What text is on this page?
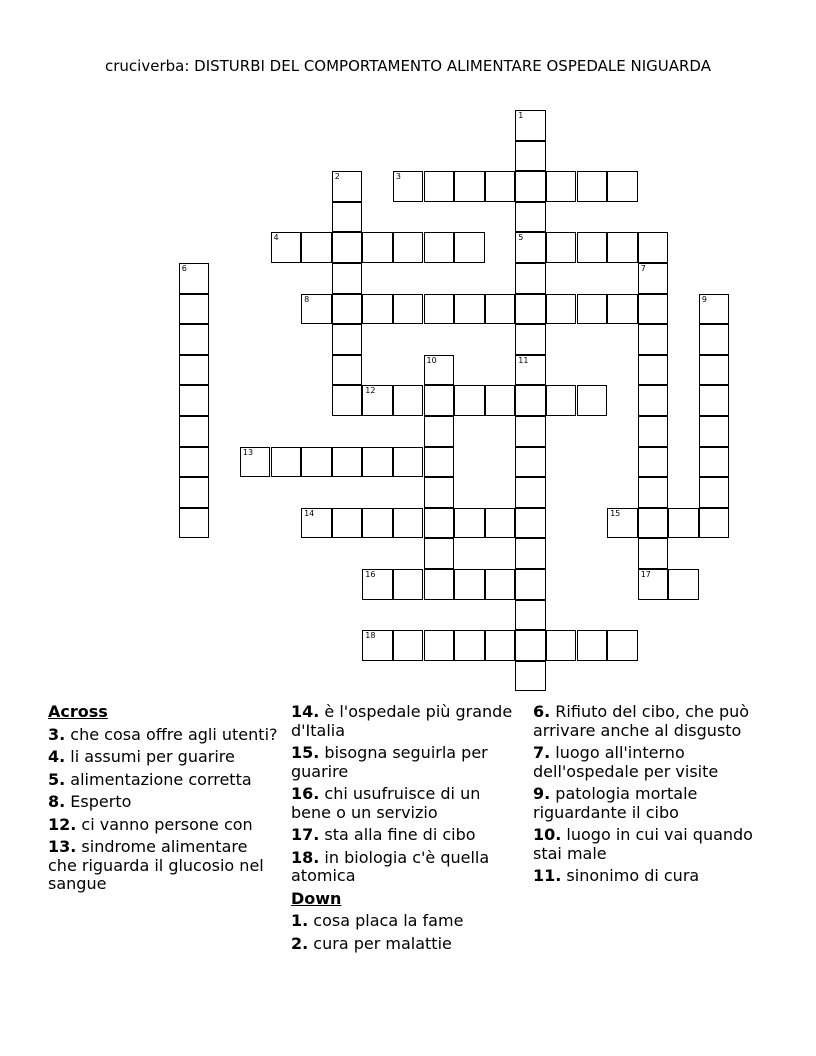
cruciverba: DISTURBI DEL COMPORTAMENTO ALIMENTARE OSPEDALE NIGUARDA
1
5
11
2	3
4
6	7
17
8	9
10
12
13
14	15
16
18
Across
3. che cosa offre agli utenti?
4. li assumi per guarire
5. alimentazione corretta
8. Esperto
12. ci vanno persone con
13. sindrome alimentare che riguarda il glucosio nel sangue
14. è l'ospedale più grande d'Italia
15. bisogna seguirla per guarire
16. chi usufruisce di un bene o un servizio
17. sta alla fine di cibo
18. in biologia c'è quella atomica
Down
1. cosa placa la fame
2. cura per malattie
6. Rifiuto del cibo, che può arrivare anche al disgusto
7. luogo all'interno dell'ospedale per visite
9. patologia mortale riguardante il cibo
10. luogo in cui vai quando stai male
11. sinonimo di cura
